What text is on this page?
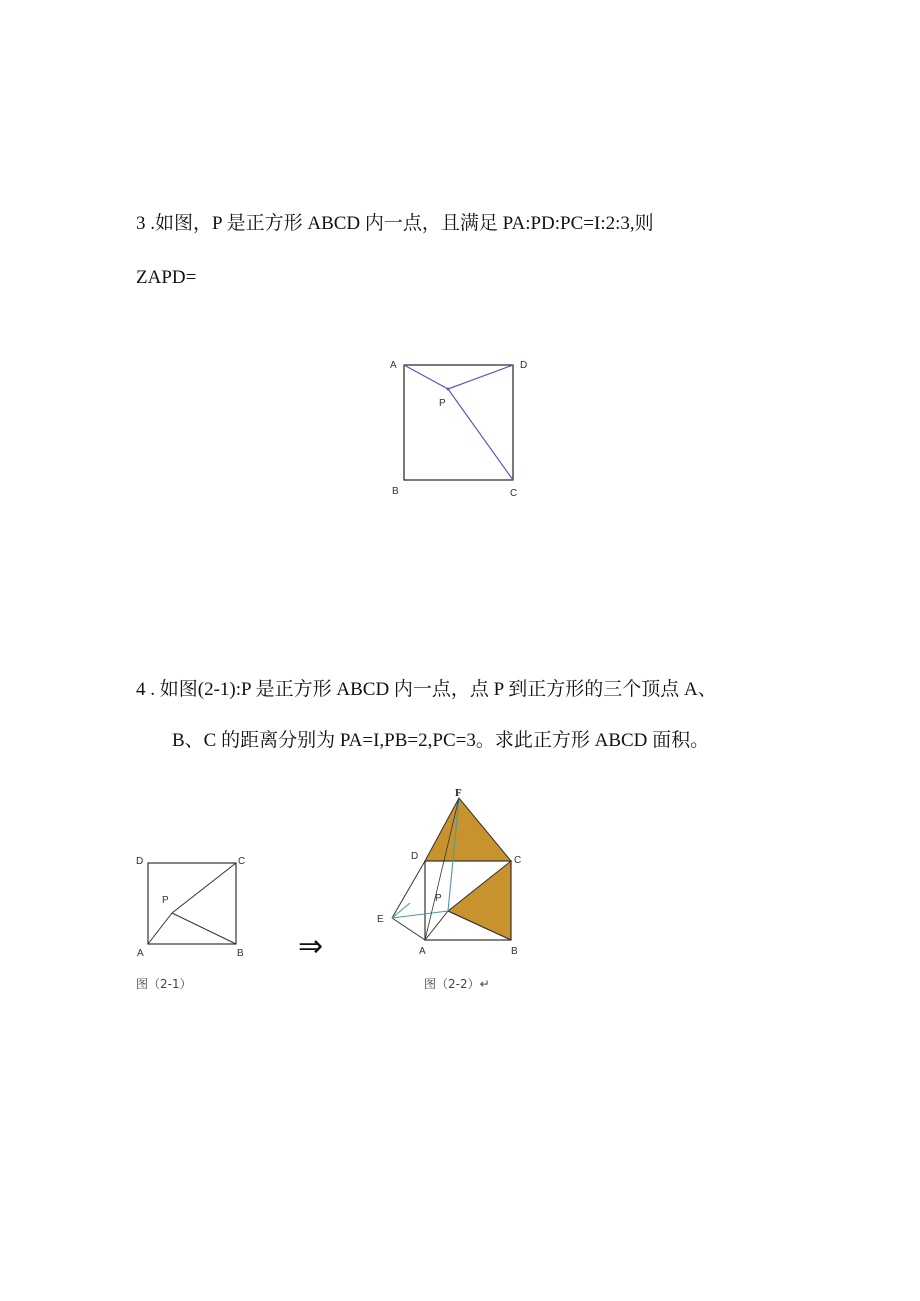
3 .如图，P 是正方形 ABCD 内一点，且满足 PA:PD:PC=I:2:3,则
ZAPD=
A	D
P
B	C
4 . 如图(2-1):P 是正方形 ABCD 内一点，点 P 到正方形的三个顶点 A、
B、C 的距离分别为 PA=I,PB=2,PC=3。求此正方形 ABCD 面积。
D	C
P
A	B
图（2-1）
⇒
F
D	C
P
E
A	B
图（2-2）↵
